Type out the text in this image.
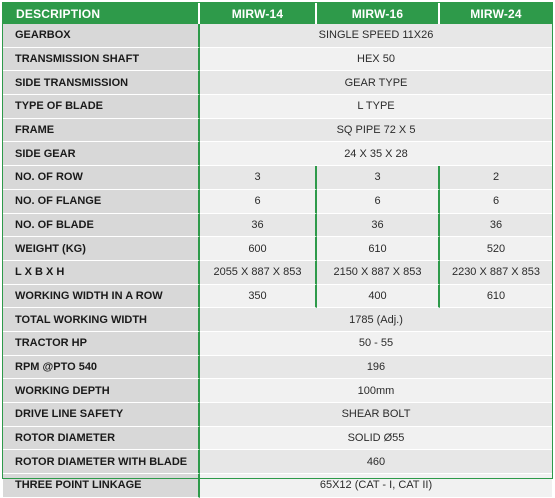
DESCRIPTION	MIRW-14	MIRW-16	MIRW-24
GEARBOX	SINGLE SPEED 11X26		
TRANSMISSION SHAFT	HEX 50		
SIDE TRANSMISSION	GEAR TYPE		
TYPE OF BLADE	L TYPE		
FRAME	SQ PIPE 72 X 5		
SIDE GEAR	24 X 35 X 28		
NO. OF ROW	3	3	2
NO. OF FLANGE	6	6	6
NO. OF BLADE	36	36	36
WEIGHT (KG)	600	610	520
L X B X H	2055 X 887 X 853	2150 X 887 X 853	2230 X 887 X 853
WORKING WIDTH IN A ROW	350	400	610
TOTAL WORKING WIDTH	1785 (Adj.)		
TRACTOR HP	50 - 55		
RPM @PTO 540	196		
WORKING DEPTH	100mm		
DRIVE LINE SAFETY	SHEAR BOLT		
ROTOR DIAMETER	SOLID Ø55		
ROTOR DIAMETER WITH BLADE	460		
THREE POINT LINKAGE	65X12 (CAT - I, CAT II)		
